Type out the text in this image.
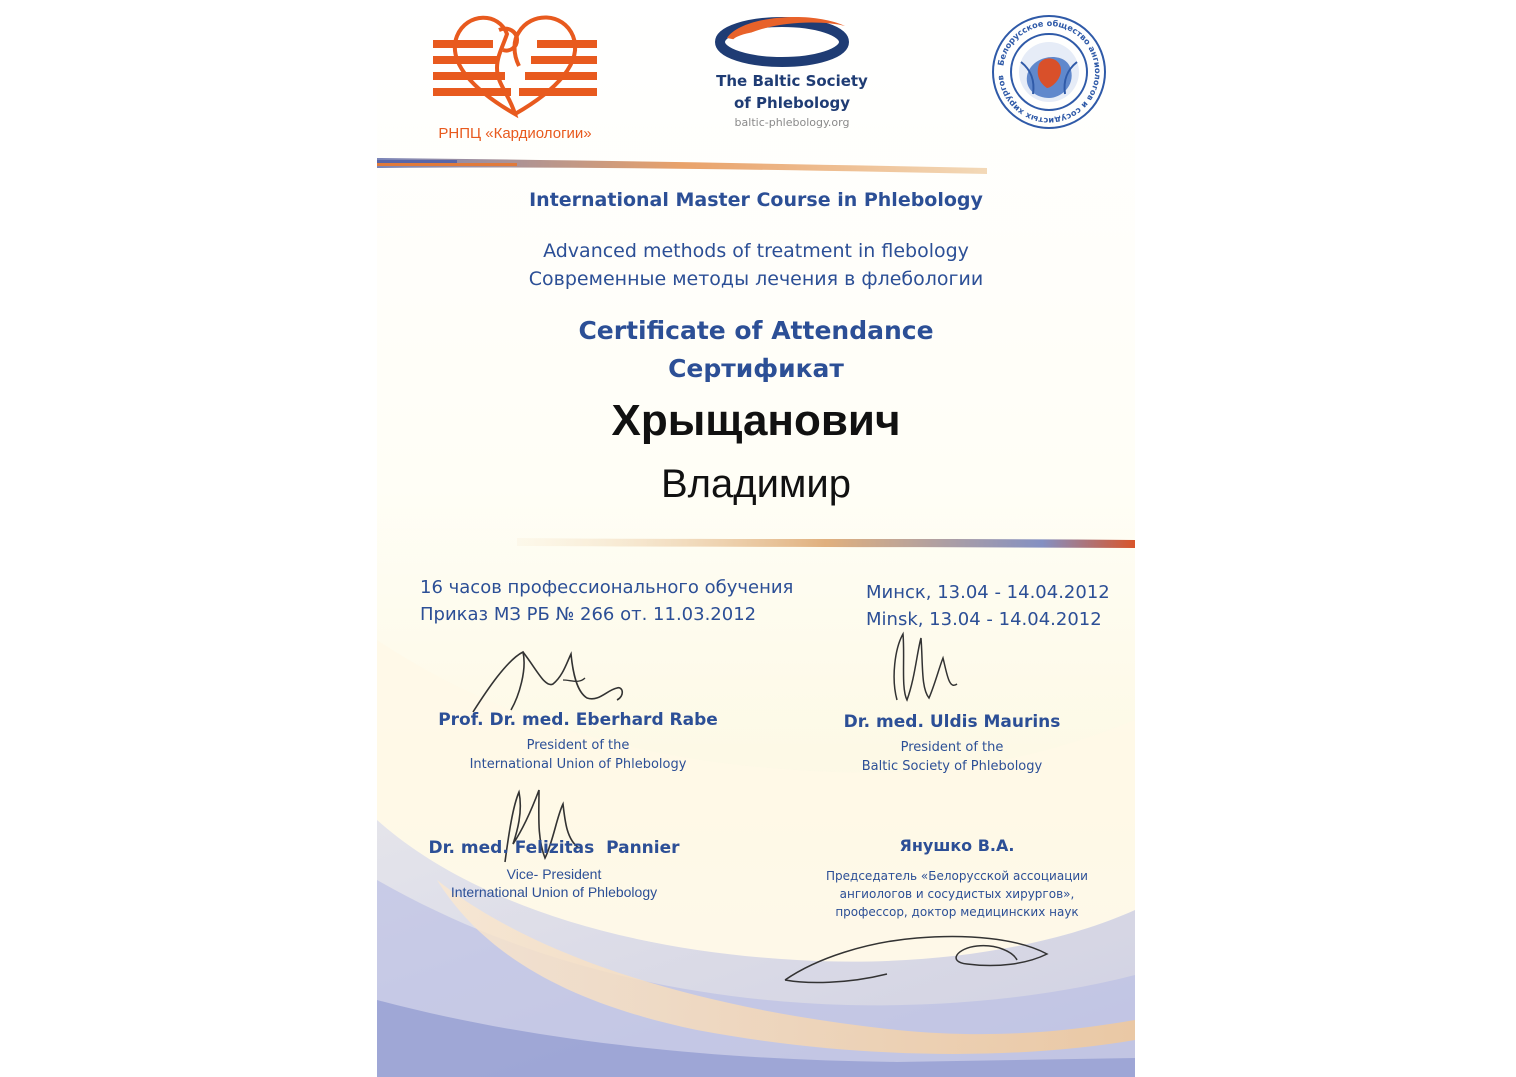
РНПЦ «Кардиологии»
The Baltic Society
of Phlebology
baltic-phlebology.org
Белорусское общество ангиологов и сосудистых хирургов
International Master Course in Phlebology
Advanced methods of treatment in flebology
Современные методы лечения в флебологии
Certificate of Attendance
Сертификат
Хрыщанович
Владимир
16 часов профессионального обучения
Приказ МЗ РБ № 266 от. 11.03.2012
Минск, 13.04 - 14.04.2012
Minsk, 13.04 - 14.04.2012
Prof. Dr. med. Eberhard Rabe
President of the
International Union of Phlebology
Dr. med. Uldis Maurins
President of the
Baltic Society of Phlebology
Dr. med. Felizitas  Pannier
Vice- President
International Union of Phlebology
Янушко В.А.
Председатель «Белорусской ассоциации
ангиологов и сосудистых хирургов»,
профессор, доктор медицинских наук
